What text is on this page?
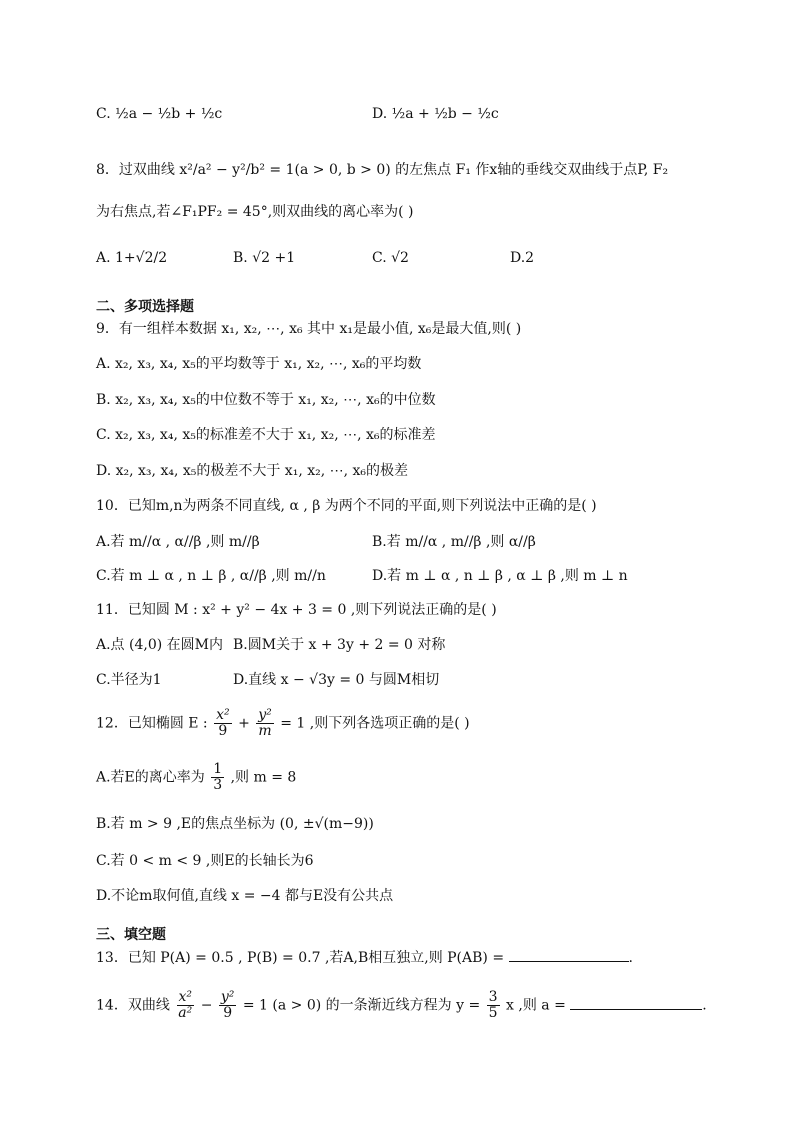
C. ½a − ½b + ½c	D. ½a + ½b − ½c
8．过双曲线 x²/a² − y²/b² = 1(a > 0, b > 0) 的左焦点 F₁ 作x轴的垂线交双曲线于点P, F₂
为右焦点,若∠F₁PF₂ = 45°,则双曲线的离心率为( )
A. 1+√2/2	B. √2 +1	C. √2	D.2
二、多项选择题
9．有一组样本数据 x₁, x₂, ⋯, x₆ 其中 x₁是最小值, x₆是最大值,则( )
A. x₂, x₃, x₄, x₅的平均数等于 x₁, x₂, ⋯, x₆的平均数
B. x₂, x₃, x₄, x₅的中位数不等于 x₁, x₂, ⋯, x₆的中位数
C. x₂, x₃, x₄, x₅的标准差不大于 x₁, x₂, ⋯, x₆的标准差
D. x₂, x₃, x₄, x₅的极差不大于 x₁, x₂, ⋯, x₆的极差
10．已知m,n为两条不同直线, α , β 为两个不同的平面,则下列说法中正确的是( )
A.若 m//α , α//β ,则 m//β	B.若 m//α , m//β ,则 α//β
C.若 m ⊥ α , n ⊥ β , α//β ,则 m//n	D.若 m ⊥ α , n ⊥ β , α ⊥ β ,则 m ⊥ n
11．已知圆 M : x² + y² − 4x + 3 = 0 ,则下列说法正确的是( )
A.点 (4,0) 在圆M内 B.圆M关于 x + 3y + 2 = 0 对称
C.半径为1	D.直线 x − √3y = 0 与圆M相切
12．已知椭圆 E : $\frac{\text{x²}}{9} + \frac{\text{y²}}{m} = 1$ ,则下列各选项正确的是( )
A.若E的离心率为 $\frac{1}{3}$ ,则 m = 8
B.若 m > 9 ,E的焦点坐标为 (0, ±√(m−9))
C.若 0 < m < 9 ,则E的长轴长为6
D.不论m取何值,直线 x = −4 都与E没有公共点
三、填空题
13．已知 P(A) = 0.5 , P(B) = 0.7 ,若A,B相互独立,则 P(AB) =	.
14．双曲线 $\frac{\text{x²}}{\text{a²}} - \frac{\text{y²}}{9} = 1$ (a > 0) 的一条渐近线方程为 $y = \frac{3}{5}$ x ,则 a =	.
